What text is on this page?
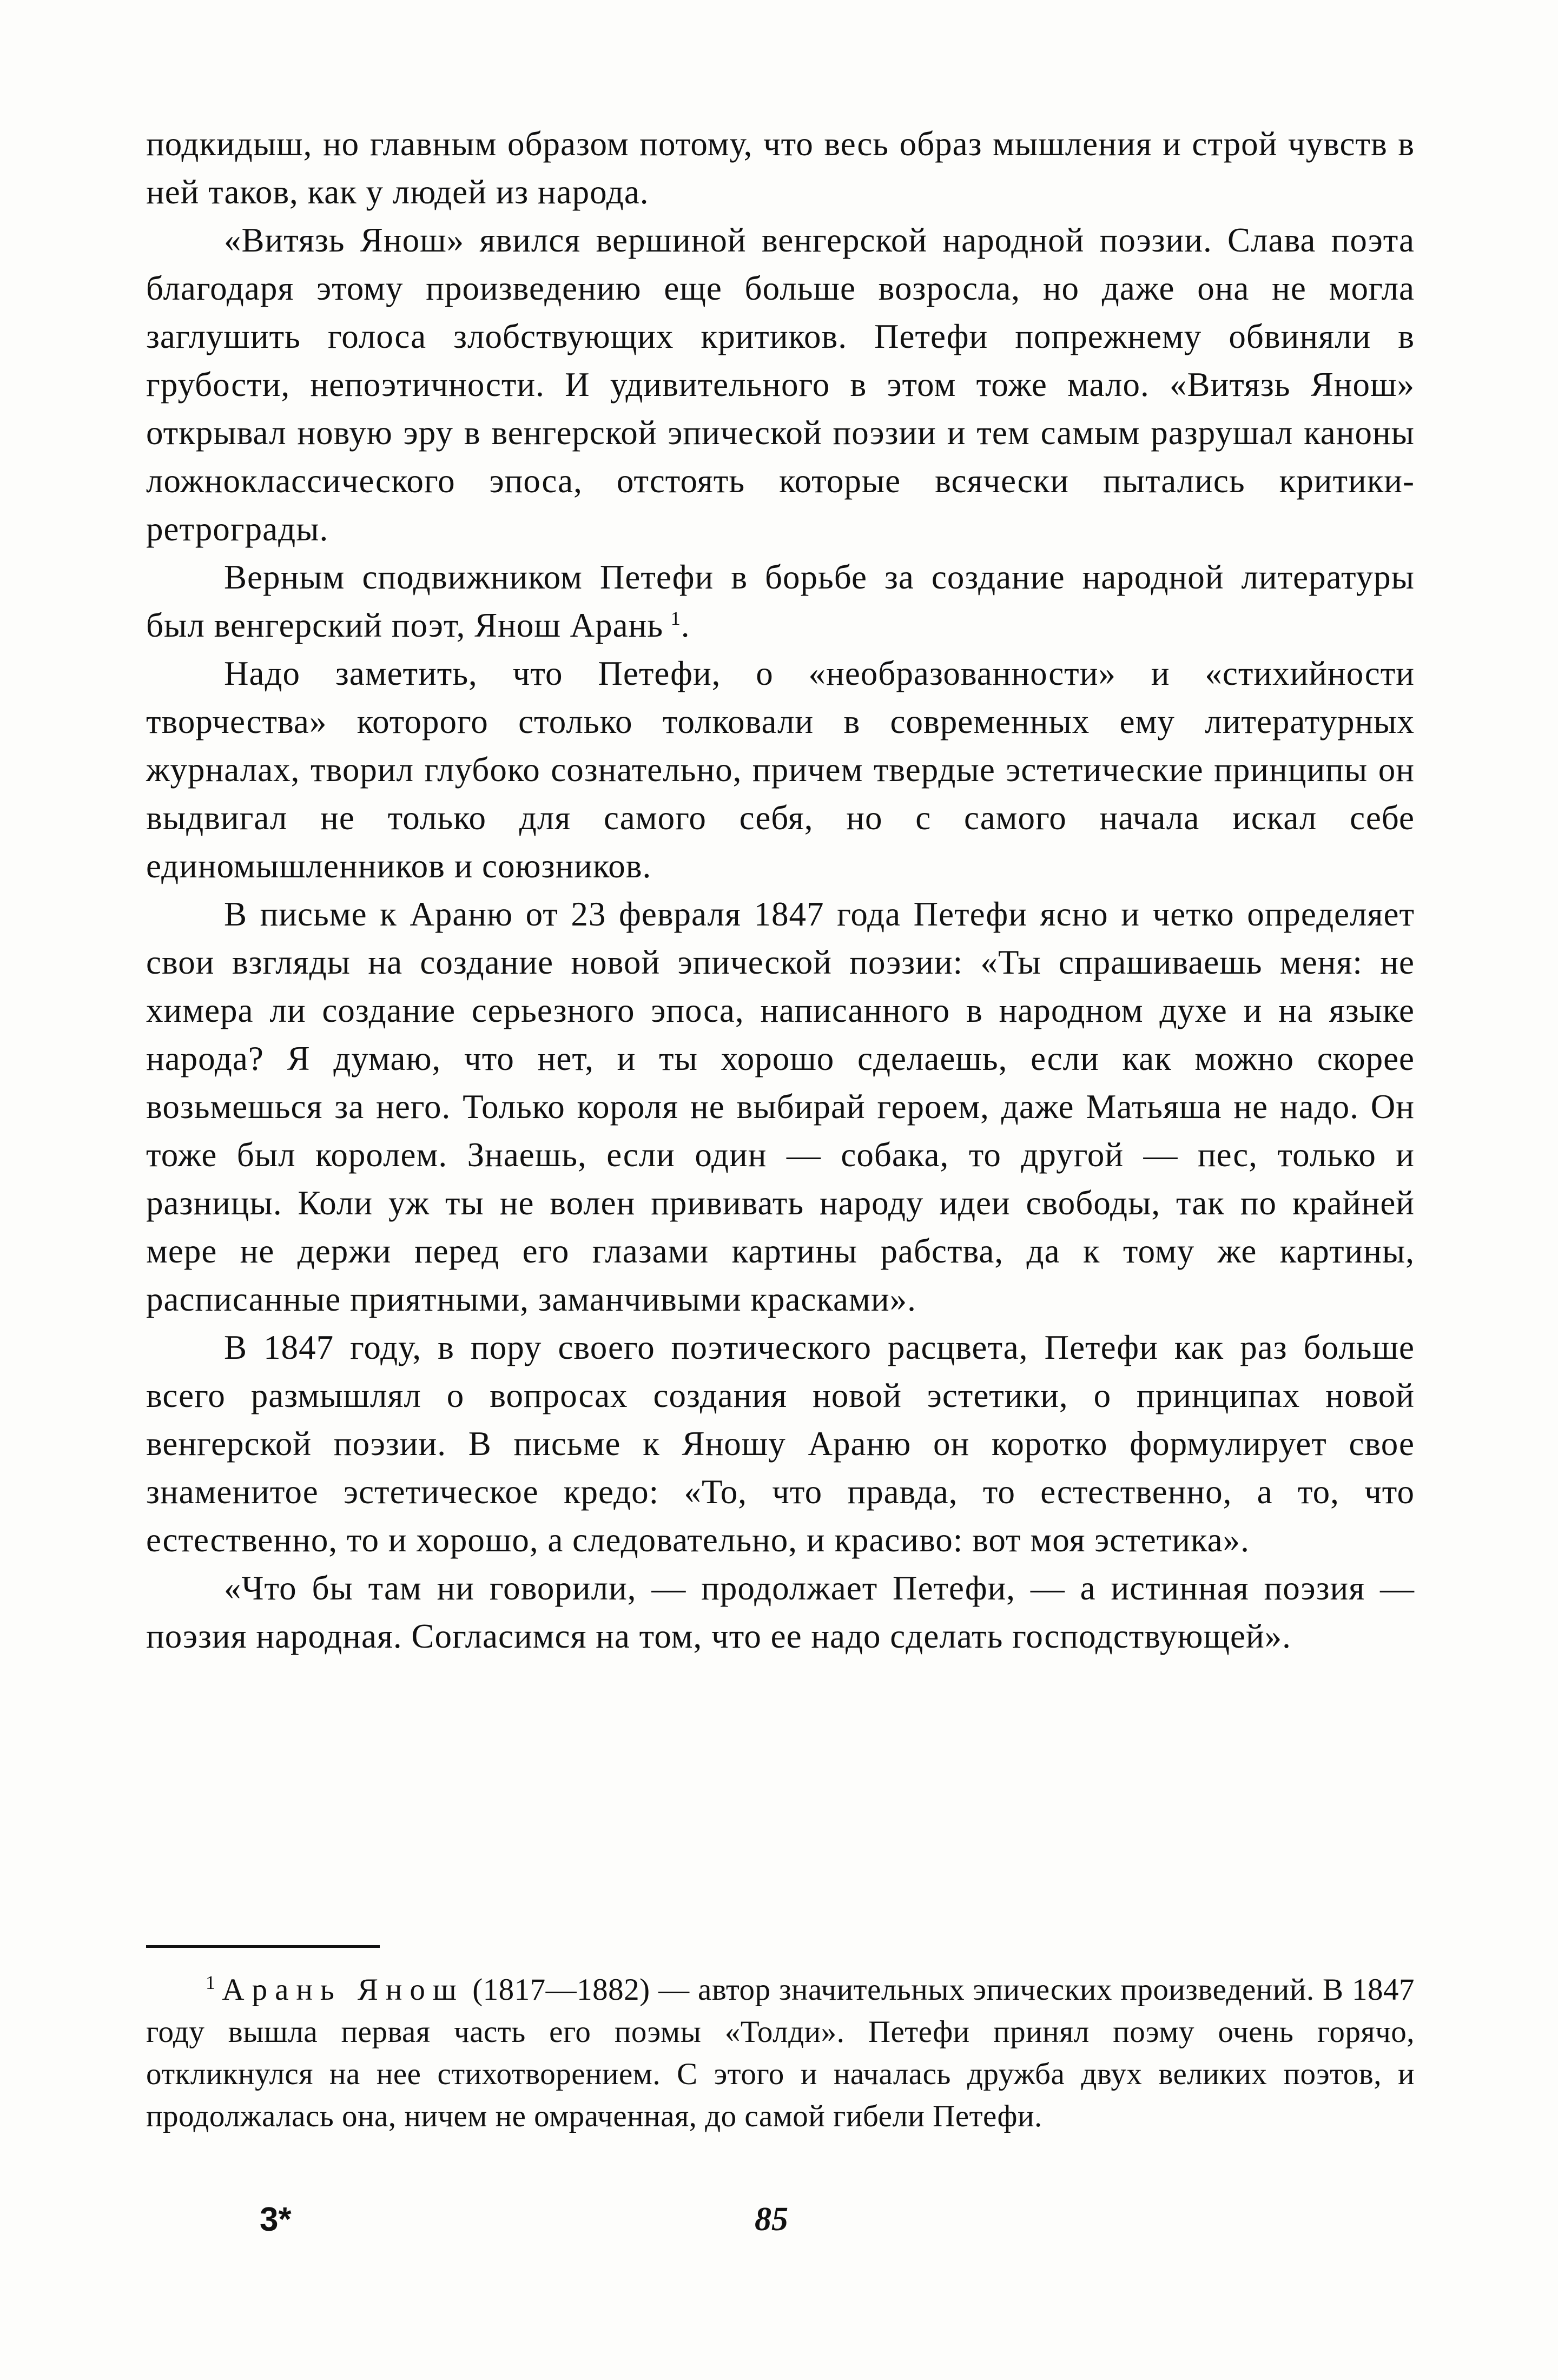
подкидыш, но главным образом потому, что весь образ мышления и строй чувств в ней таков, как у людей из народа.

«Витязь Янош» явился вершиной венгерской народной поэзии. Слава поэта благодаря этому произведению еще больше возросла, но даже она не могла заглушить голоса злобствующих критиков. Петефи попрежнему обвиняли в грубости, непоэтичности. И удивительного в этом тоже мало. «Витязь Янош» открывал новую эру в венгерской эпической поэзии и тем самым разрушал каноны ложноклассического эпоса, отстоять которые всячески пытались критики-ретрограды.

Верным сподвижником Петефи в борьбе за создание народной литературы был венгерский поэт, Янош Арань  $^1$.

Надо заметить, что Петефи, о «необразованности» и «стихийности творчества» которого столько толковали в современных ему литературных журналах, творил глубоко сознательно, причем твердые эстетические принципы он выдвигал не только для самого себя, но с самого начала искал себе единомышленников и союзников.

В письме к Араню от 23 февраля 1847 года Петефи ясно и четко определяет свои взгляды на создание новой эпической поэзии: «Ты спрашиваешь меня: не химера ли создание серьезного эпоса, написанного в народном духе и на языке народа? Я думаю, что нет, и ты хорошо сделаешь, если как можно скорее возьмешься за него. Только короля не выбирай героем, даже Матьяша не надо. Он тоже был королем. Знаешь, если один — собака, то другой — пес, только и разницы. Коли уж ты не волен прививать народу идеи свободы, так по крайней мере не держи перед его глазами картины рабства, да к тому же картины, расписанные приятными, заманчивыми красками».

В 1847 году, в пору своего поэтического расцвета, Петефи как раз больше всего размышлял о вопросах создания новой эстетики, о принципах новой венгерской поэзии. В письме к Яношу Араню он коротко формулирует свое знаменитое эстетическое кредо: «То, что правда, то естественно, а то, что естественно, то и хорошо, а следовательно, и красиво: вот моя эстетика».

«Что бы там ни говорили, — продолжает Петефи, — а истинная поэзия — поэзия народная. Согласимся на том, что ее надо сделать господствующей».

$^1$  Арань Янош (1817—1882) — автор значительных эпических произведений. В 1847 году вышла первая часть его поэмы «Толди». Петефи принял поэму очень горячо, откликнулся на нее стихотворением. С этого и началась дружба двух великих поэтов, и продолжалась она, ничем не омраченная, до самой гибели Петефи.

3*	85
